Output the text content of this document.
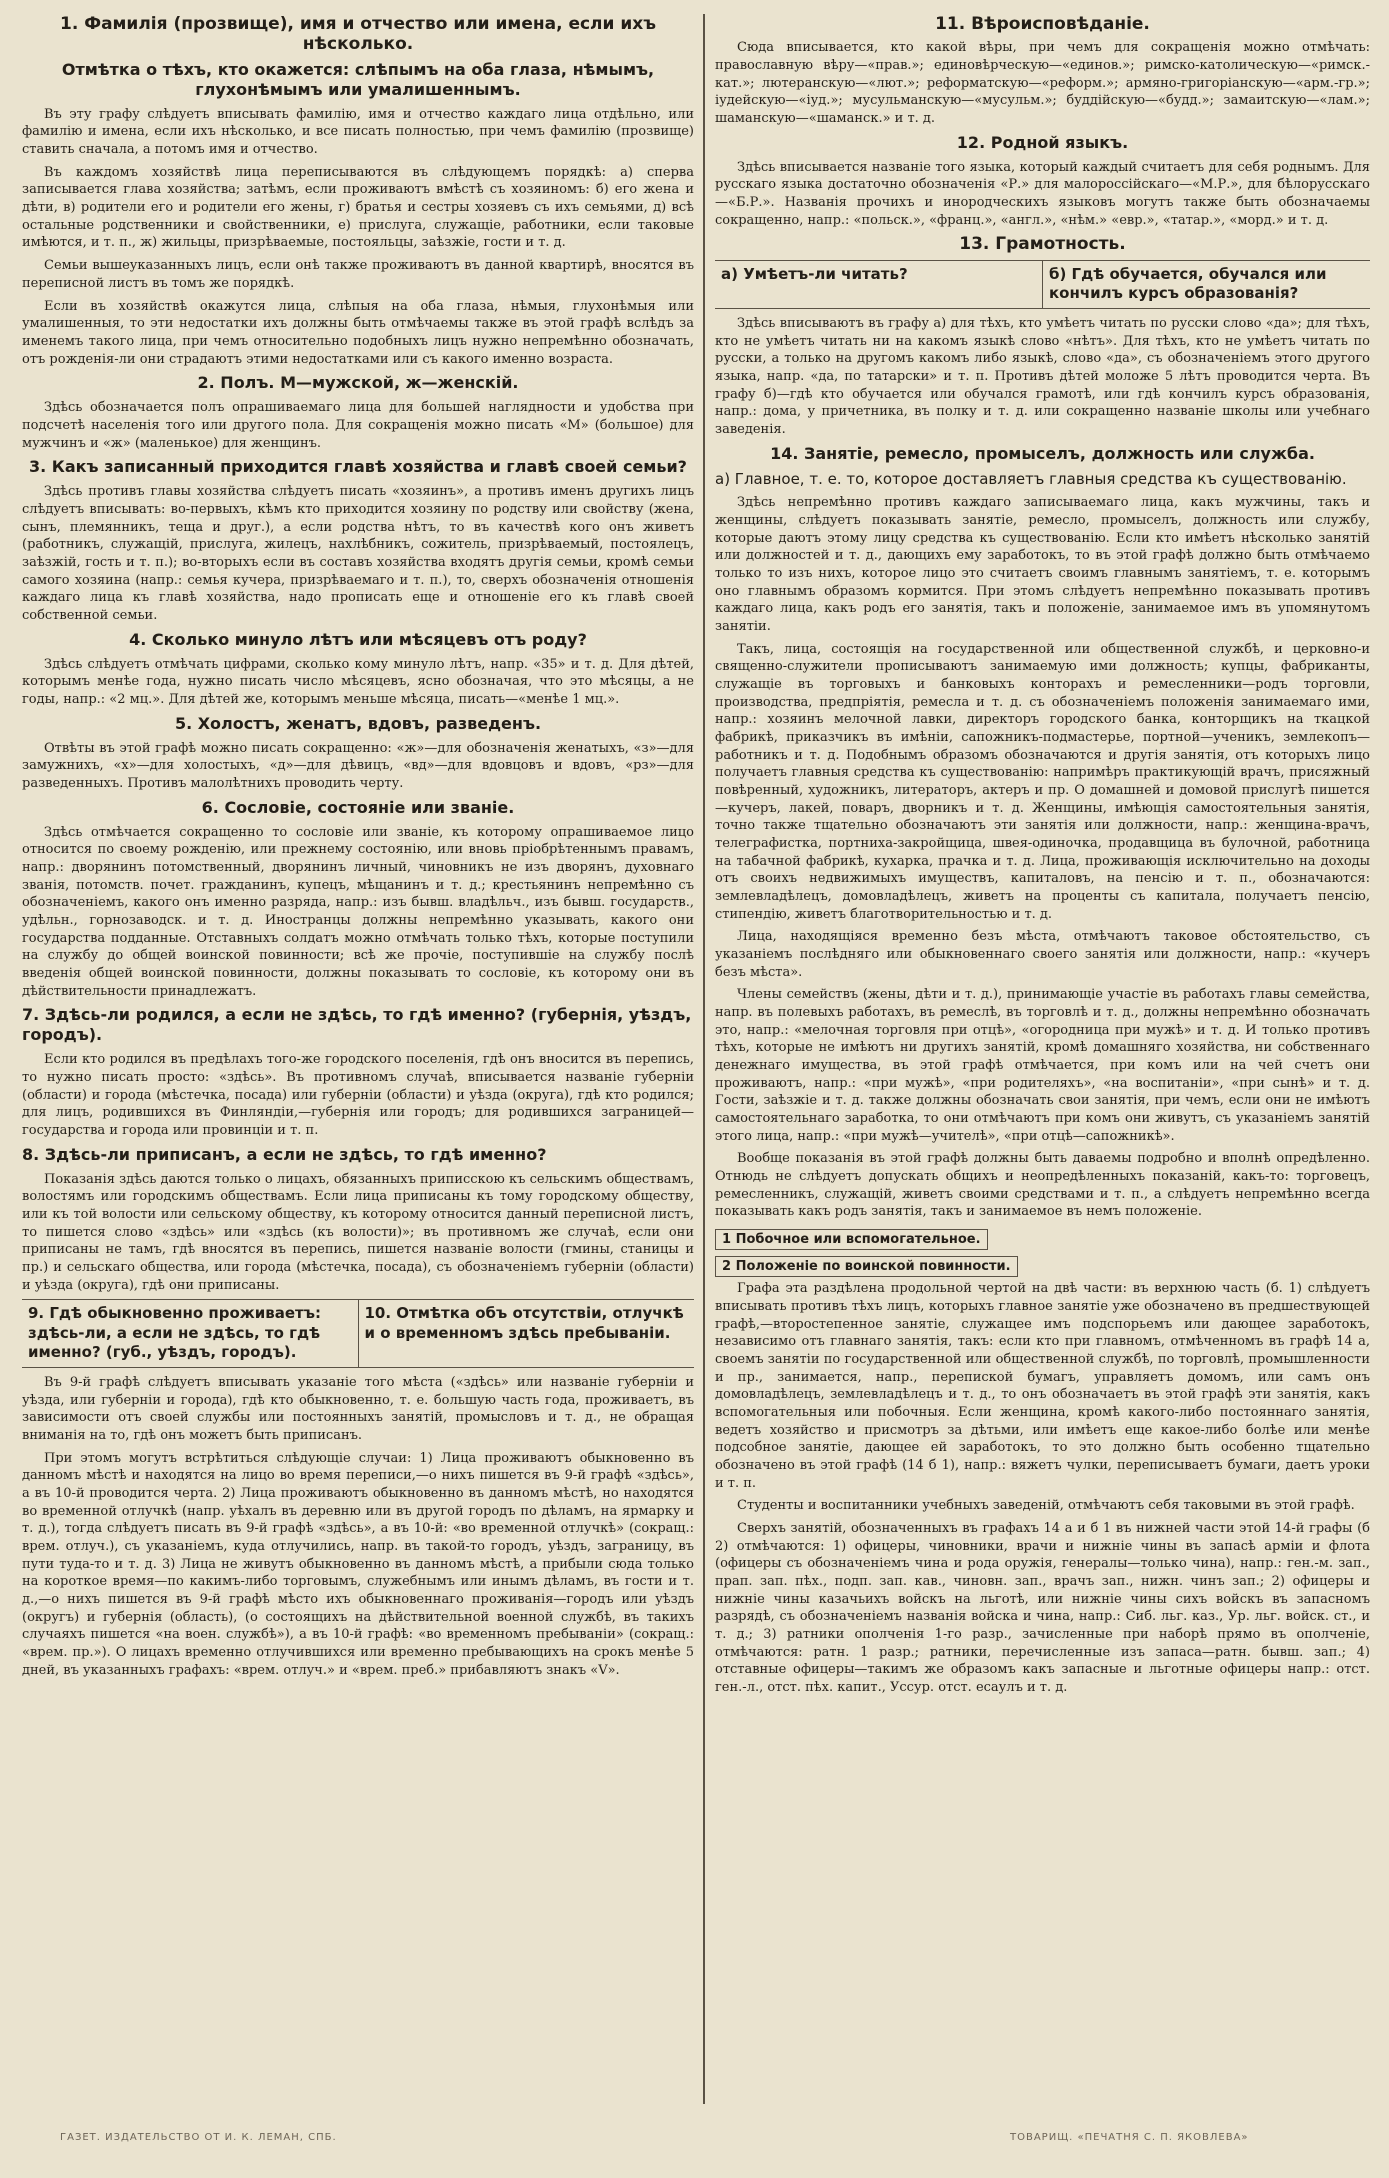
1. Фамилія (прозвище), имя и отчество или имена, если ихъ нѣсколько.
Отмѣтка о тѣхъ, кто окажется: слѣпымъ на оба глаза, нѣмымъ, глухонѣмымъ или умалишеннымъ.

Въ эту графу слѣдуетъ вписывать фамилію, имя и отчество каждаго лица отдѣльно, или фамилію и имена, если ихъ нѣсколько, и все писать полностью, при чемъ фамилію (прозвище) ставить сначала, а потомъ имя и отчество.

Въ каждомъ хозяйствѣ лица переписываются въ слѣдующемъ порядкѣ: а) сперва записывается глава хозяйства; затѣмъ, если проживаютъ вмѣстѣ съ хозяиномъ: б) его жена и дѣти, в) родители его и родители его жены, г) братья и сестры хозяевъ съ ихъ семьями, д) всѣ остальные родственники и свойственники, е) прислуга, служащіе, работники, если таковые имѣются, и т. п., ж) жильцы, призрѣваемые, постояльцы, заѣзжіе, гости и т. д.

Семьи вышеуказанныхъ лицъ, если онѣ также проживаютъ въ данной квартирѣ, вносятся въ переписной листъ въ томъ же порядкѣ.

Если въ хозяйствѣ окажутся лица, слѣпыя на оба глаза, нѣмыя, глухонѣмыя или умалишенныя, то эти недостатки ихъ должны быть отмѣчаемы также въ этой графѣ вслѣдъ за именемъ такого лица, при чемъ относительно подобныхъ лицъ нужно непремѣнно обозначать, отъ рожденія-ли они страдаютъ этими недостатками или съ какого именно возраста.

2. Полъ. М—мужской, ж—женскій.

Здѣсь обозначается полъ опрашиваемаго лица для большей наглядности и удобства при подсчетѣ населенія того или другого пола. Для сокращенія можно писать «М» (большое) для мужчинъ и «ж» (маленькое) для женщинъ.

3. Какъ записанный приходится главѣ хозяйства и главѣ своей семьи?

Здѣсь противъ главы хозяйства слѣдуетъ писать «хозяинъ», а противъ именъ другихъ лицъ слѣдуетъ вписывать: во-первыхъ, кѣмъ кто приходится хозяину по родству или свойству (жена, сынъ, племянникъ, теща и друг.), а если родства нѣтъ, то въ качествѣ кого онъ живетъ (работникъ, служащій, прислуга, жилецъ, нахлѣбникъ, сожитель, призрѣваемый, постоялецъ, заѣзжій, гость и т. п.); во-вторыхъ если въ составъ хозяйства входятъ другія семьи, кромѣ семьи самого хозяина (напр.: семья кучера, призрѣваемаго и т. п.), то, сверхъ обозначенія отношенія каждаго лица къ главѣ хозяйства, надо прописать еще и отношеніе его къ главѣ своей собственной семьи.

4. Сколько минуло лѣтъ или мѣсяцевъ отъ роду?

Здѣсь слѣдуетъ отмѣчать цифрами, сколько кому минуло лѣтъ, напр. «35» и т. д. Для дѣтей, которымъ менѣе года, нужно писать число мѣсяцевъ, ясно обозначая, что это мѣсяцы, а не годы, напр.: «2 мц.». Для дѣтей же, которымъ меньше мѣсяца, писать—«менѣе 1 мц.».

5. Холостъ, женатъ, вдовъ, разведенъ.

Отвѣты въ этой графѣ можно писать сокращенно: «ж»—для обозначенія женатыхъ, «з»—для замужнихъ, «х»—для холостыхъ, «д»—для дѣвицъ, «вд»—для вдовцовъ и вдовъ, «рз»—для разведенныхъ. Противъ малолѣтнихъ проводить черту.

6. Сословіе, состояніе или званіе.

Здѣсь отмѣчается сокращенно то сословіе или званіе, къ которому опрашиваемое лицо относится по своему рожденію, или прежнему состоянію, или вновь пріобрѣтеннымъ правамъ, напр.: дворянинъ потомственный, дворянинъ личный, чиновникъ не изъ дворянъ, духовнаго званія, потомств. почет. гражданинъ, купецъ, мѣщанинъ и т. д.; крестьянинъ непремѣнно съ обозначеніемъ, какого онъ именно разряда, напр.: изъ бывш. владѣльч., изъ бывш. государств., удѣльн., горнозаводск. и т. д. Иностранцы должны непремѣнно указывать, какого они государства подданные. Отставныхъ солдатъ можно отмѣчать только тѣхъ, которые поступили на службу до общей воинской повинности; всѣ же прочіе, поступившіе на службу послѣ введенія общей воинской повинности, должны показывать то сословіе, къ которому они въ дѣйствительности принадлежатъ.

7. Здѣсь-ли родился, а если не здѣсь, то гдѣ именно? (губернія, уѣздъ, городъ).

Если кто родился въ предѣлахъ того-же городского поселенія, гдѣ онъ вносится въ перепись, то нужно писать просто: «здѣсь». Въ противномъ случаѣ, вписывается названіе губерніи (области) и города (мѣстечка, посада) или губерніи (области) и уѣзда (округа), гдѣ кто родился; для лицъ, родившихся въ Финляндіи,—губернія или городъ; для родившихся заграницей—государства и города или провинціи и т. п.

8. Здѣсь-ли приписанъ, а если не здѣсь, то гдѣ именно?

Показанія здѣсь даются только о лицахъ, обязанныхъ приписскою къ сельскимъ обществамъ, волостямъ или городскимъ обществамъ. Если лица приписаны къ тому городскому обществу, или къ той волости или сельскому обществу, къ которому относится данный переписной листъ, то пишется слово «здѣсь» или «здѣсь (къ волости)»; въ противномъ же случаѣ, если они приписаны не тамъ, гдѣ вносятся въ перепись, пишется названіе волости (гмины, станицы и пр.) и сельскаго общества, или города (мѣстечка, посада), съ обозначеніемъ губерніи (области) и уѣзда (округа), гдѣ они приписаны.

9. Гдѣ обыкновенно проживаетъ: здѣсь-ли, а если не здѣсь, то гдѣ именно? (губ., уѣздъ, городъ).
10. Отмѣтка объ отсутствіи, отлучкѣ и о временномъ здѣсь пребываніи.

Въ 9-й графѣ слѣдуетъ вписывать указаніе того мѣста («здѣсь» или названіе губерніи и уѣзда, или губерніи и города), гдѣ кто обыкновенно, т. е. большую часть года, проживаетъ, въ зависимости отъ своей службы или постоянныхъ занятій, промысловъ и т. д., не обращая вниманія на то, гдѣ онъ можетъ быть приписанъ.

При этомъ могутъ встрѣтиться слѣдующіе случаи: 1) Лица проживаютъ обыкновенно въ данномъ мѣстѣ и находятся на лицо во время переписи,—о нихъ пишется въ 9-й графѣ «здѣсь», а въ 10-й проводится черта. 2) Лица проживаютъ обыкновенно въ данномъ мѣстѣ, но находятся во временной отлучкѣ (напр. уѣхалъ въ деревню или въ другой городъ по дѣламъ, на ярмарку и т. д.), тогда слѣдуетъ писать въ 9-й графѣ «здѣсь», а въ 10-й: «во временной отлучкѣ» (сокращ.: врем. отлуч.), съ указаніемъ, куда отлучились, напр. въ такой-то городъ, уѣздъ, заграницу, въ пути туда-то и т. д. 3) Лица не живутъ обыкновенно въ данномъ мѣстѣ, а прибыли сюда только на короткое время—по какимъ-либо торговымъ, служебнымъ или инымъ дѣламъ, въ гости и т. д.,—о нихъ пишется въ 9-й графѣ мѣсто ихъ обыкновеннаго проживанія—городъ или уѣздъ (округъ) и губернія (область), (о состоящихъ на дѣйствительной военной службѣ, въ такихъ случаяхъ пишется «на воен. службѣ»), а въ 10-й графѣ: «во временномъ пребываніи» (сокращ.: «врем. пр.»). О лицахъ временно отлучившихся или временно пребывающихъ на срокъ менѣе 5 дней, въ указанныхъ графахъ: «врем. отлуч.» и «врем. преб.» прибавляютъ знакъ «V».

11. Вѣроисповѣданіе.

Сюда вписывается, кто какой вѣры, при чемъ для сокращенія можно отмѣчать: православную вѣру—«прав.»; единовѣрческую—«единов.»; римско-католическую—«римск.-кат.»; лютеранскую—«лют.»; реформатскую—«реформ.»; армяно-григорiанскую—«арм.-гр.»; іудейскую—«іуд.»; мусульманскую—«мусульм.»; буддійскую—«будд.»; замаитскую—«лам.»; шаманскую—«шаманск.» и т. д.

12. Родной языкъ.

Здѣсь вписывается названіе того языка, который каждый считаетъ для себя роднымъ. Для русскаго языка достаточно обозначенія «Р.» для малороссійскаго—«М.Р.», для бѣлорусскаго—«Б.Р.». Названія прочихъ и инородческихъ языковъ могутъ также быть обозначаемы сокращенно, напр.: «польск.», «франц.», «англ.», «нѣм.» «евр.», «татар.», «морд.» и т. д.

13. Грамотность.
а) Умѣетъ-ли читать?	б) Гдѣ обучается, обучался или кончилъ курсъ образованія?

Здѣсь вписываютъ въ графу а) для тѣхъ, кто умѣетъ читать по русски слово «да»; для тѣхъ, кто не умѣетъ читать ни на какомъ языкѣ слово «нѣтъ». Для тѣхъ, кто не умѣетъ читать по русски, а только на другомъ какомъ либо языкѣ, слово «да», съ обозначеніемъ этого другого языка, напр. «да, по татарски» и т. п. Противъ дѣтей моложе 5 лѣтъ проводится черта. Въ графу б)—гдѣ кто обучается или обучался грамотѣ, или гдѣ кончилъ курсъ образованія, напр.: дома, у причетника, въ полку и т. д. или сокращенно названіе школы или учебнаго заведенія.

14. Занятіе, ремесло, промыселъ, должность или служба.
а) Главное, т. е. то, которое доставляетъ главныя средства къ существованію.

Здѣсь непремѣнно противъ каждаго записываемаго лица, какъ мужчины, такъ и женщины, слѣдуетъ показывать занятіе, ремесло, промыселъ, должность или службу, которые даютъ этому лицу средства къ существованію. Если кто имѣетъ нѣсколько занятій или должностей и т. д., дающихъ ему заработокъ, то въ этой графѣ должно быть отмѣчаемо только то изъ нихъ, которое лицо это считаетъ своимъ главнымъ занятіемъ, т. е. которымъ оно главнымъ образомъ кормится. При этомъ слѣдуетъ непремѣнно показывать противъ каждаго лица, какъ родъ его занятія, такъ и положеніе, занимаемое имъ въ упомянутомъ занятіи.

Такъ, лица, состоящія на государственной или общественной службѣ, и церковно-и священно-служители прописываютъ занимаемую ими должность; купцы, фабриканты, служащіе въ торговыхъ и банковыхъ конторахъ и ремесленники—родъ торговли, производства, предпріятія, ремесла и т. д. съ обозначеніемъ положенія занимаемаго ими, напр.: хозяинъ мелочной лавки, директоръ городского банка, конторщикъ на ткацкой фабрикѣ, приказчикъ въ имѣніи, сапожникъ-подмастерье, портной—ученикъ, землекопъ—работникъ и т. д. Подобнымъ образомъ обозначаются и другія занятія, отъ которыхъ лицо получаетъ главныя средства къ существованію: напримѣръ практикующій врачъ, присяжный повѣренный, художникъ, литераторъ, актеръ и пр. О домашней и домовой прислугѣ пишется—кучеръ, лакей, поваръ, дворникъ и т. д. Женщины, имѣющія самостоятельныя занятія, точно также тщательно обозначаютъ эти занятія или должности, напр.: женщина-врачъ, телеграфистка, портниха-закройщица, швея-одиночка, продавщица въ булочной, работница на табачной фабрикѣ, кухарка, прачка и т. д. Лица, проживающія исключительно на доходы отъ своихъ недвижимыхъ имуществъ, капиталовъ, на пенсію и т. п., обозначаются: землевладѣлецъ, домовладѣлецъ, живетъ на проценты съ капитала, получаетъ пенсію, стипендію, живетъ благотворительностью и т. д.

Лица, находящіяся временно безъ мѣста, отмѣчаютъ таковое обстоятельство, съ указаніемъ послѣдняго или обыкновеннаго своего занятія или должности, напр.: «кучеръ безъ мѣста».

Члены семействъ (жены, дѣти и т. д.), принимающіе участіе въ работахъ главы семейства, напр. въ полевыхъ работахъ, въ ремеслѣ, въ торговлѣ и т. д., должны непремѣнно обозначать это, напр.: «мелочная торговля при отцѣ», «огородница при мужѣ» и т. д. И только противъ тѣхъ, которые не имѣютъ ни другихъ занятій, кромѣ домашняго хозяйства, ни собственнаго денежнаго имущества, въ этой графѣ отмѣчается, при комъ или на чей счетъ они проживаютъ, напр.: «при мужѣ», «при родителяхъ», «на воспитаніи», «при сынѣ» и т. д. Гости, заѣзжіе и т. д. также должны обозначать свои занятія, при чемъ, если они не имѣютъ самостоятельнаго заработка, то они отмѣчаютъ при комъ они живутъ, съ указаніемъ занятій этого лица, напр.: «при мужѣ—учителѣ», «при отцѣ—сапожникѣ».

Вообще показанія въ этой графѣ должны быть даваемы подробно и вполнѣ опредѣленно. Отнюдь не слѣдуетъ допускать общихъ и неопредѣленныхъ показаній, какъ-то: торговецъ, ремесленникъ, служащій, живетъ своими средствами и т. п., а слѣдуетъ непремѣнно всегда показывать какъ родъ занятія, такъ и занимаемое въ немъ положеніе.

1 Побочное или вспомогательное.
2 Положеніе по воинской повинности.

Графа эта раздѣлена продольной чертой на двѣ части: въ верхнюю часть (б. 1) слѣдуетъ вписывать противъ тѣхъ лицъ, которыхъ главное занятіе уже обозначено въ предшествующей графѣ,—второстепенное занятіе, служащее имъ подспорьемъ или дающее заработокъ, независимо отъ главнаго занятія, такъ: если кто при главномъ, отмѣченномъ въ графѣ 14 а, своемъ занятіи по государственной или общественной службѣ, по торговлѣ, промышленности и пр., занимается, напр., перепиской бумагъ, управляетъ домомъ, или самъ онъ домовладѣлецъ, землевладѣлецъ и т. д., то онъ обозначаетъ въ этой графѣ эти занятія, какъ вспомогательныя или побочныя. Если женщина, кромѣ какого-либо постояннаго занятія, ведетъ хозяйство и присмотръ за дѣтьми, или имѣетъ еще какое-либо болѣе или менѣе подсобное занятіе, дающее ей заработокъ, то это должно быть особенно тщательно обозначено въ этой графѣ (14 б 1), напр.: вяжетъ чулки, переписываетъ бумаги, даетъ уроки и т. п.

Студенты и воспитанники учебныхъ заведеній, отмѣчаютъ себя таковыми въ этой графѣ.

Сверхъ занятій, обозначенныхъ въ графахъ 14 а и б 1 въ нижней части этой 14-й графы (б 2) отмѣчаются: 1) офицеры, чиновники, врачи и нижніе чины въ запасѣ арміи и флота (офицеры съ обозначеніемъ чина и рода оружія, генералы—только чина), напр.: ген.-м. зап., прап. зап. пѣх., подп. зап. кав., чиновн. зап., врачъ зап., нижн. чинъ зап.; 2) офицеры и нижніе чины казачьихъ войскъ на льготѣ, или нижніе чины сихъ войскъ въ запасномъ разрядѣ, съ обозначеніемъ названія войска и чина, напр.: Сиб. льг. каз., Ур. льг. войск. ст., и т. д.; 3) ратники ополченія 1-го разр., зачисленные при наборѣ прямо въ ополченіе, отмѣчаются: ратн. 1 разр.; ратники, перечисленные изъ запаса—ратн. бывш. зап.; 4) отставные офицеры—такимъ же образомъ какъ запасные и льготные офицеры напр.: отст. ген.-л., отст. пѣх. капит., Уссур. отст. есаулъ и т. д.

ГАЗЕТ. ИЗДАТЕЛЬСТВО ОТ И. К. ЛЕМАН, СПБ.	ТОВАРИЩ. «ПЕЧАТНЯ С. П. ЯКОВЛЕВА»
